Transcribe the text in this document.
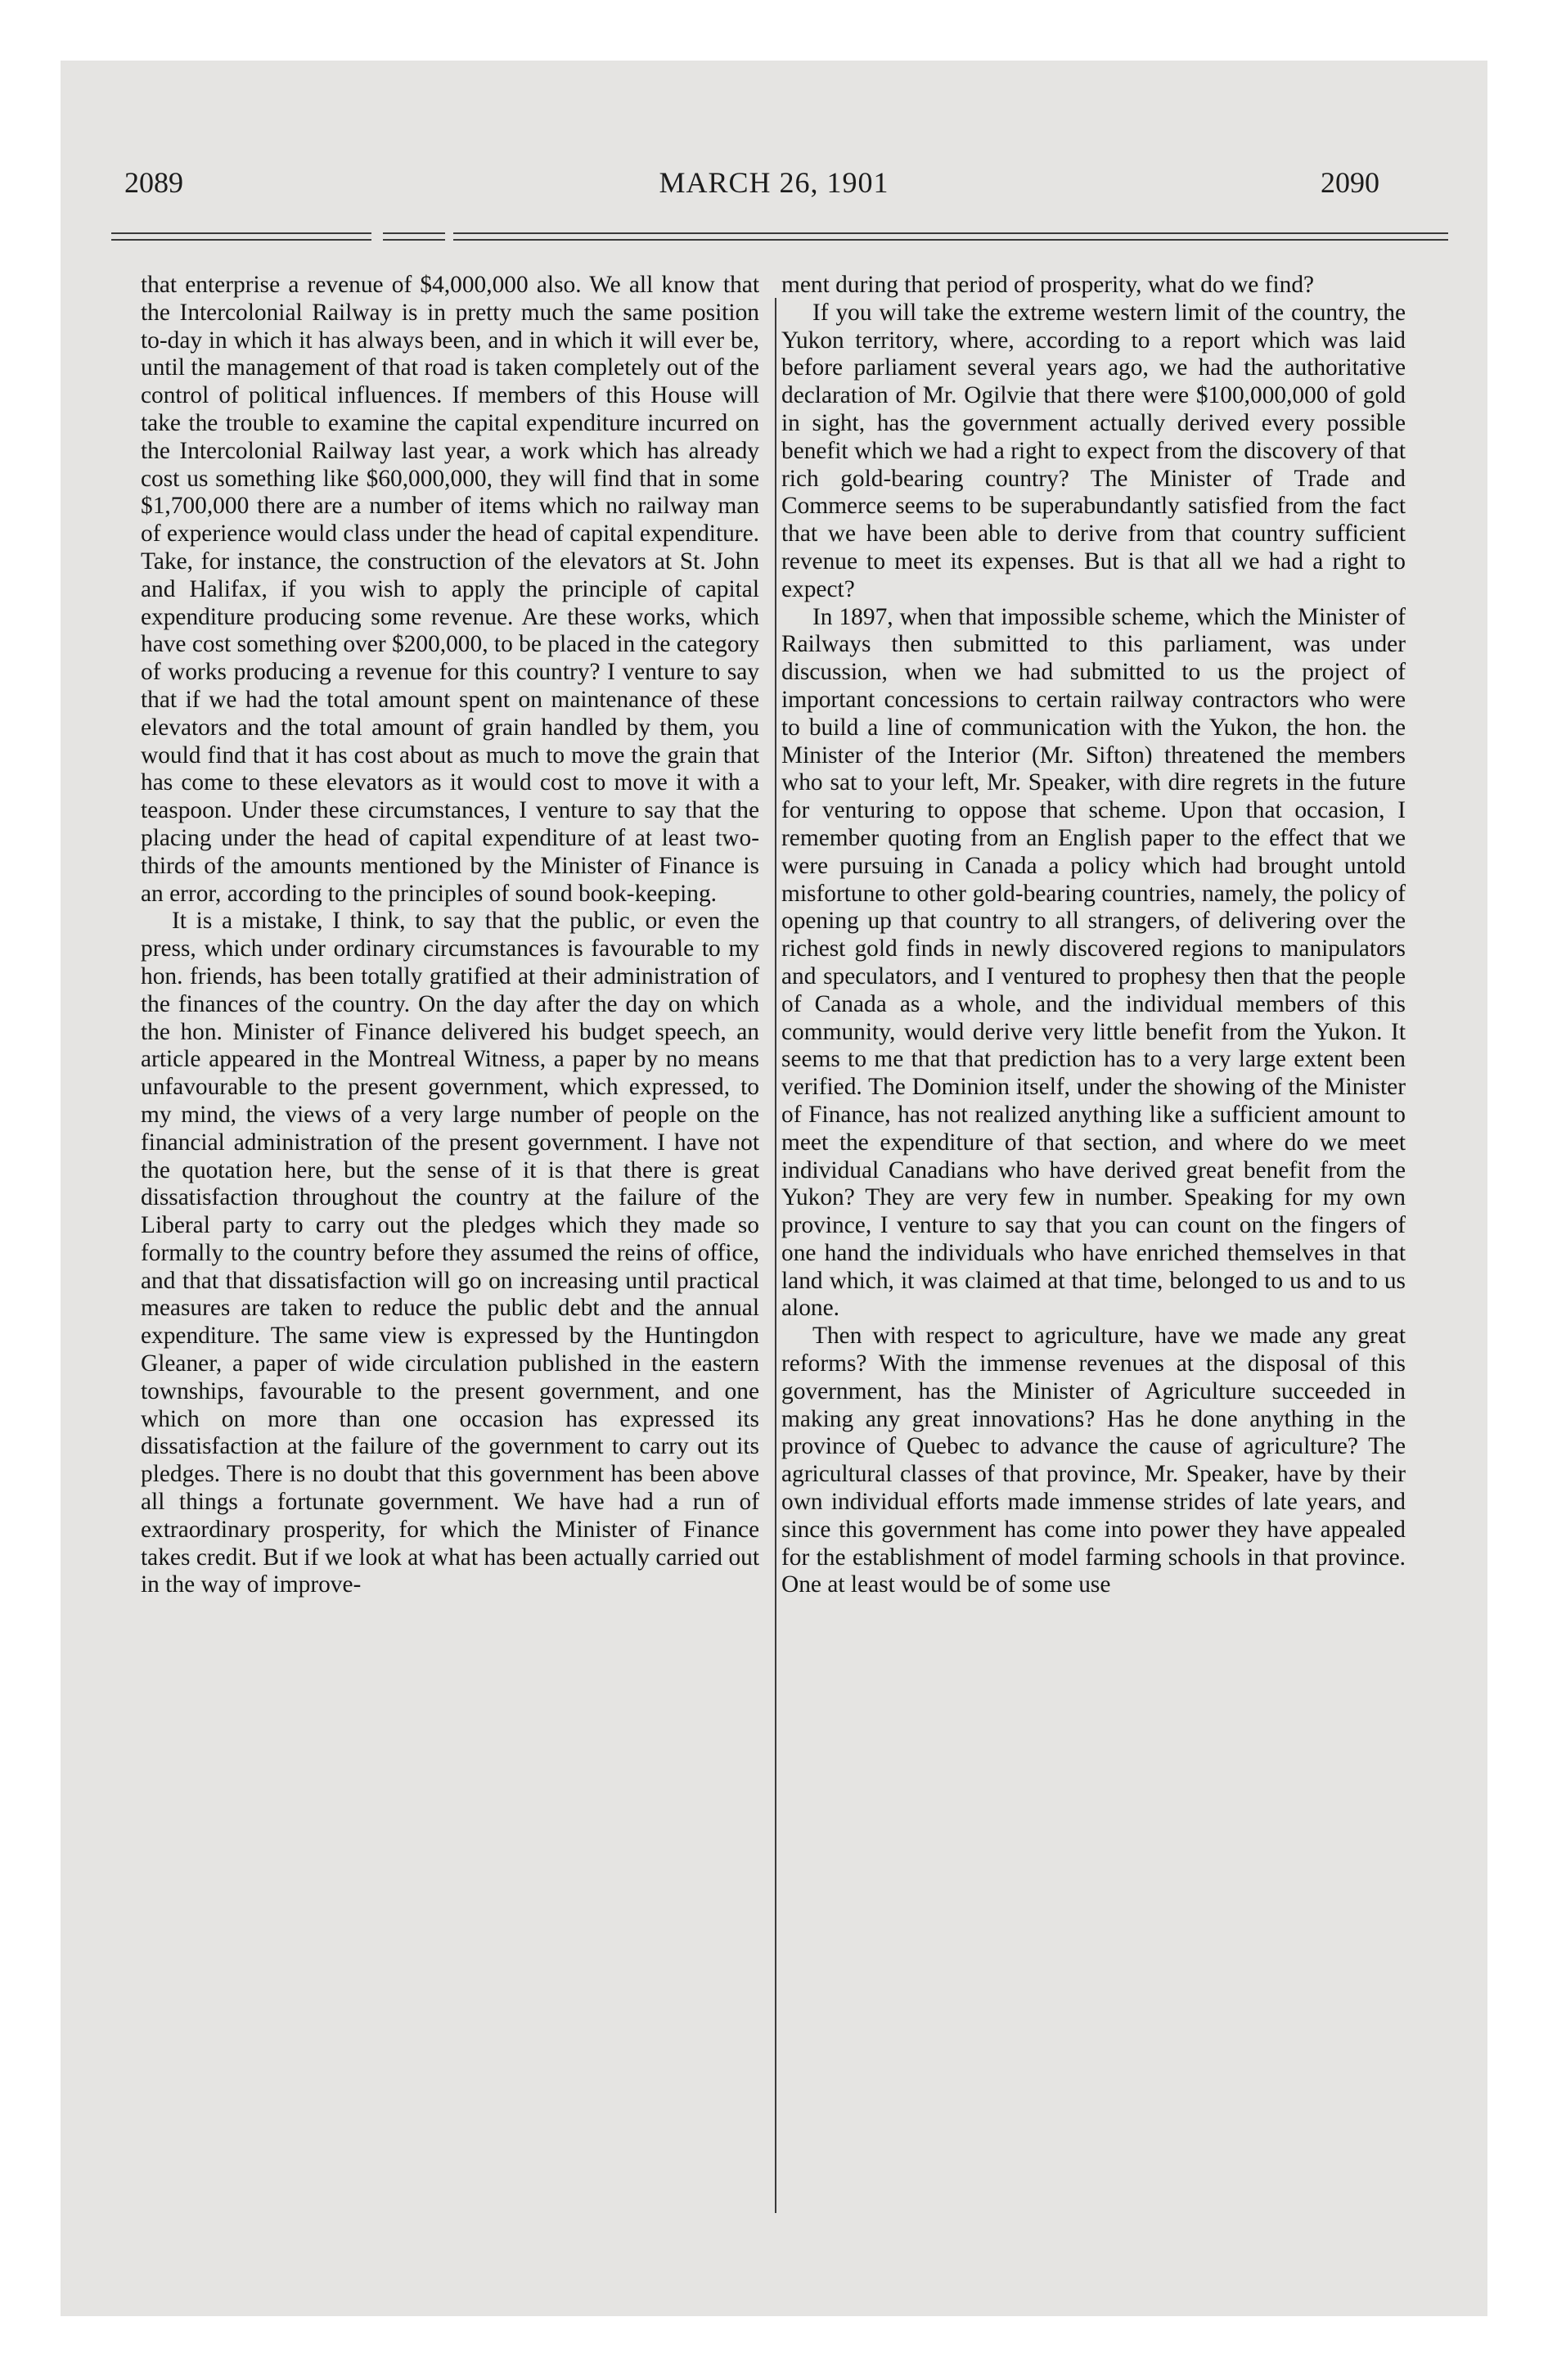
2089	MARCH 26, 1901	2090

that enterprise a revenue of $4,000,000 also. We all know that the Intercolonial Railway is in pretty much the same position to-day in which it has always been, and in which it will ever be, until the management of that road is taken completely out of the control of political influences. If members of this House will take the trouble to examine the capital expenditure incurred on the Intercolonial Railway last year, a work which has already cost us something like $60,000,000, they will find that in some $1,700,000 there are a number of items which no railway man of experience would class under the head of capital expenditure. Take, for instance, the construction of the elevators at St. John and Halifax, if you wish to apply the principle of capital expenditure producing some revenue. Are these works, which have cost something over $200,000, to be placed in the category of works producing a revenue for this country? I venture to say that if we had the total amount spent on maintenance of these elevators and the total amount of grain handled by them, you would find that it has cost about as much to move the grain that has come to these elevators as it would cost to move it with a teaspoon. Under these circumstances, I venture to say that the placing under the head of capital expenditure of at least two-thirds of the amounts mentioned by the Minister of Finance is an error, according to the principles of sound book-keeping.

It is a mistake, I think, to say that the public, or even the press, which under ordinary circumstances is favourable to my hon. friends, has been totally gratified at their administration of the finances of the country. On the day after the day on which the hon. Minister of Finance delivered his budget speech, an article appeared in the Montreal Witness, a paper by no means unfavourable to the present government, which expressed, to my mind, the views of a very large number of people on the financial administration of the present government. I have not the quotation here, but the sense of it is that there is great dissatisfaction throughout the country at the failure of the Liberal party to carry out the pledges which they made so formally to the country before they assumed the reins of office, and that that dissatisfaction will go on increasing until practical measures are taken to reduce the public debt and the annual expenditure. The same view is expressed by the Huntingdon Gleaner, a paper of wide circulation published in the eastern townships, favourable to the present government, and one which on more than one occasion has expressed its dissatisfaction at the failure of the government to carry out its pledges. There is no doubt that this government has been above all things a fortunate government. We have had a run of extraordinary prosperity, for which the Minister of Finance takes credit. But if we look at what has been actually carried out in the way of improve-

ment during that period of prosperity, what do we find?

If you will take the extreme western limit of the country, the Yukon territory, where, according to a report which was laid before parliament several years ago, we had the authoritative declaration of Mr. Ogilvie that there were $100,000,000 of gold in sight, has the government actually derived every possible benefit which we had a right to expect from the discovery of that rich gold-bearing country? The Minister of Trade and Commerce seems to be superabundantly satisfied from the fact that we have been able to derive from that country sufficient revenue to meet its expenses. But is that all we had a right to expect?

In 1897, when that impossible scheme, which the Minister of Railways then submitted to this parliament, was under discussion, when we had submitted to us the project of important concessions to certain railway contractors who were to build a line of communication with the Yukon, the hon. the Minister of the Interior (Mr. Sifton) threatened the members who sat to your left, Mr. Speaker, with dire regrets in the future for venturing to oppose that scheme. Upon that occasion, I remember quoting from an English paper to the effect that we were pursuing in Canada a policy which had brought untold misfortune to other gold-bearing countries, namely, the policy of opening up that country to all strangers, of delivering over the richest gold finds in newly discovered regions to manipulators and speculators, and I ventured to prophesy then that the people of Canada as a whole, and the individual members of this community, would derive very little benefit from the Yukon. It seems to me that that prediction has to a very large extent been verified. The Dominion itself, under the showing of the Minister of Finance, has not realized anything like a sufficient amount to meet the expenditure of that section, and where do we meet individual Canadians who have derived great benefit from the Yukon? They are very few in number. Speaking for my own province, I venture to say that you can count on the fingers of one hand the individuals who have enriched themselves in that land which, it was claimed at that time, belonged to us and to us alone.

Then with respect to agriculture, have we made any great reforms? With the immense revenues at the disposal of this government, has the Minister of Agriculture succeeded in making any great innovations? Has he done anything in the province of Quebec to advance the cause of agriculture? The agricultural classes of that province, Mr. Speaker, have by their own individual efforts made immense strides of late years, and since this government has come into power they have appealed for the establishment of model farming schools in that province. One at least would be of some use
